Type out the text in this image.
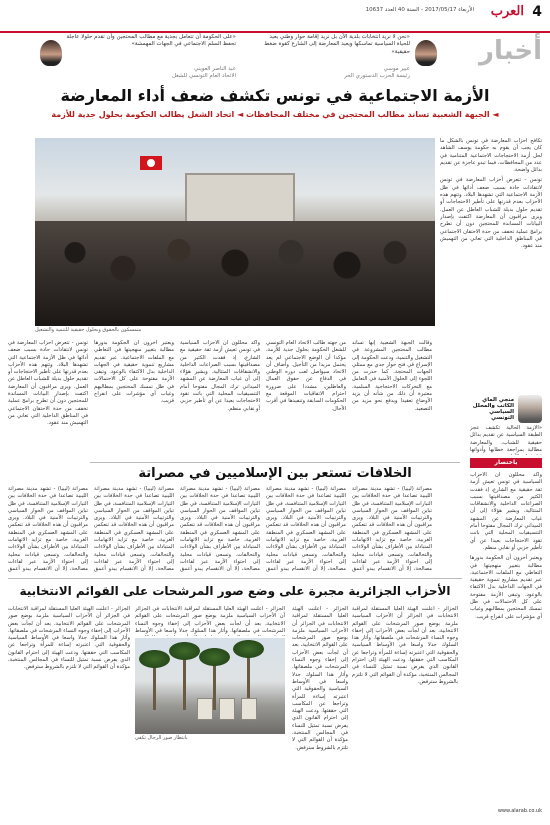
4
العرب
الأربعاء 2017/05/17 - السنة 40 العدد 10637
أخبار
«نحن لا نريد انتخابات بلدية الآن بل نريد إقامة حوار وطني يعيد للحياة السياسية تماسكها ويعيد المعارضة إلى الشارع كقوة ضغط حقيقية»
عبير موسي
رئيسة الحزب الدستوري الحر
«على الحكومة أن تتعامل بجدية مع مطالب المحتجين وأن تقدم حلولا عاجلة تحفظ السلم الاجتماعي في الجهات المهمشة»
عبد الناصر العويني
الاتحاد العام التونسي للشغل
الأزمة الاجتماعية في تونس تكشف ضعف أداء المعارضة
◄ الجبهة الشعبية تساند مطالب المحتجين في مختلف المحافظات ◄ اتحاد الشغل يطالب الحكومة بحلول جدية للأزمة
متمسكون بالحقوق وبحلول حقيقية للتنمية والتشغيل

تكافح أحزاب المعارضة في تونس بالشكل ما كان يجب أن يقوم به حكومة يوسف الشاهد لحل أزمة الاحتجاجات الاجتماعية المتنامية في عدد من المحافظات، فيما تبدو عاجزة عن تقديم بدائل واضحة.

تونس - تتعرض أحزاب المعارضة في تونس لانتقادات حادة بسبب ضعف أدائها في ظل الأزمة الاجتماعية التي تشهدها البلاد. وتتهم هذه الأحزاب بعدم قدرتها على تأطير الاحتجاجات أو تقديم حلول بديلة للشباب العاطل عن العمل. ويرى مراقبون أن المعارضة اكتفت بإصدار البيانات المساندة للمحتجين دون أن تطرح برامج عملية تخفف من حدة الاحتقان الاجتماعي في المناطق الداخلية التي تعاني من التهميش منذ عقود.

منجي الماي الكاتب والمحلل السياسي التونسي

«الأزمة الحالية تكشف عجز الطبقة السياسية عن تقديم بدائل حقيقية للشباب، والمعارضة مطالبة بمراجعة خطابها وأدواتها

باختصار

وأكد محللون أن الأحزاب السياسية في تونس تعيش أزمة ثقة حقيقية مع الشارع، إذ فقدت الكثير من مصداقيتها بسبب الصراعات الداخلية والانشقاقات المتتالية. ويشير هؤلاء إلى أن غياب المعارضة عن المشهد الميداني ترك المجال مفتوحا أمام التنسيقيات المحلية التي باتت تقود الاحتجاجات بعيدا عن أي تأطير حزبي أو نقابي منظم.

ويعتبر آخرون أن الحكومة بدورها مطالبة بتغيير منهجيتها في التعاطي مع الملفات الاجتماعية، عبر تقديم مشاريع تنموية حقيقية في الجهات الداخلية بدل الاكتفاء بالوعود. وتبقى الأزمة مفتوحة على كل الاحتمالات في ظل تمسك المحتجين بمطالبهم وغياب أي مؤشرات على انفراج قريب.

وقالت الجبهة الشعبية إنها تساند مطالب المحتجين المشروعة في التشغيل والتنمية، ودعت الحكومة إلى الإسراع في فتح حوار جدي مع ممثلي الجهات المحتجة. كما حذرت من اللجوء إلى الحلول الأمنية في التعامل مع التحركات الاحتجاجية السلمية، معتبرة أن ذلك من شأنه أن يزيد الأوضاع تعقيدا ويدفع نحو مزيد من التصعيد.

من جهته طالب الاتحاد العام التونسي للشغل الحكومة بحلول جدية للأزمة، مؤكدا أن الوضع الاجتماعي لم يعد يحتمل مزيدا من التأجيل. وأضاف أن الاتحاد سيواصل لعب دوره الوطني في الدفاع عن حقوق العمال والعاطلين، مشددا على ضرورة احترام الاتفاقيات الموقعة مع الحكومات السابقة وتنفيذها في أقرب الآجال.

وأكد محللون أن الأحزاب السياسية في تونس تعيش أزمة ثقة حقيقية مع الشارع، إذ فقدت الكثير من مصداقيتها بسبب الصراعات الداخلية والانشقاقات المتتالية. ويشير هؤلاء إلى أن غياب المعارضة عن المشهد الميداني ترك المجال مفتوحا أمام التنسيقيات المحلية التي باتت تقود الاحتجاجات بعيدا عن أي تأطير حزبي أو نقابي منظم.

ويعتبر آخرون أن الحكومة بدورها مطالبة بتغيير منهجيتها في التعاطي مع الملفات الاجتماعية، عبر تقديم مشاريع تنموية حقيقية في الجهات الداخلية بدل الاكتفاء بالوعود. وتبقى الأزمة مفتوحة على كل الاحتمالات في ظل تمسك المحتجين بمطالبهم وغياب أي مؤشرات على انفراج قريب.

تونس - تتعرض أحزاب المعارضة في تونس لانتقادات حادة بسبب ضعف أدائها في ظل الأزمة الاجتماعية التي تشهدها البلاد. وتتهم هذه الأحزاب بعدم قدرتها على تأطير الاحتجاجات أو تقديم حلول بديلة للشباب العاطل عن العمل. ويرى مراقبون أن المعارضة اكتفت بإصدار البيانات المساندة للمحتجين دون أن تطرح برامج عملية تخفف من حدة الاحتقان الاجتماعي في المناطق الداخلية التي تعاني من التهميش منذ عقود.

الخلافات تستعر بين الإسلاميين في مصراتة

مصراتة (ليبيا) - تشهد مدينة مصراتة الليبية تصاعدا في حدة الخلافات بين التيارات الإسلامية المتنافسة، في ظل تباين المواقف من الحوار السياسي والترتيبات الأمنية في البلاد. ويرى مراقبون أن هذه الخلافات قد تنعكس على المشهد العسكري في المنطقة الغربية، خاصة مع تزايد الاتهامات المتبادلة بين الأطراف بشأن الولاءات والتحالفات. وتسعى قيادات محلية إلى احتواء الأزمة عبر لقاءات مصالحة، إلا أن الانقسام يبدو أعمق

مصراتة (ليبيا) - تشهد مدينة مصراتة الليبية تصاعدا في حدة الخلافات بين التيارات الإسلامية المتنافسة، في ظل تباين المواقف من الحوار السياسي والترتيبات الأمنية في البلاد. ويرى مراقبون أن هذه الخلافات قد تنعكس على المشهد العسكري في المنطقة الغربية، خاصة مع تزايد الاتهامات المتبادلة بين الأطراف بشأن الولاءات والتحالفات. وتسعى قيادات محلية إلى احتواء الأزمة عبر لقاءات مصالحة، إلا أن الانقسام يبدو أعمق

مصراتة (ليبيا) - تشهد مدينة مصراتة الليبية تصاعدا في حدة الخلافات بين التيارات الإسلامية المتنافسة، في ظل تباين المواقف من الحوار السياسي والترتيبات الأمنية في البلاد. ويرى مراقبون أن هذه الخلافات قد تنعكس على المشهد العسكري في المنطقة الغربية، خاصة مع تزايد الاتهامات المتبادلة بين الأطراف بشأن الولاءات والتحالفات. وتسعى قيادات محلية إلى احتواء الأزمة عبر لقاءات مصالحة، إلا أن الانقسام يبدو أعمق

مصراتة (ليبيا) - تشهد مدينة مصراتة الليبية تصاعدا في حدة الخلافات بين التيارات الإسلامية المتنافسة، في ظل تباين المواقف من الحوار السياسي والترتيبات الأمنية في البلاد. ويرى مراقبون أن هذه الخلافات قد تنعكس على المشهد العسكري في المنطقة الغربية، خاصة مع تزايد الاتهامات المتبادلة بين الأطراف بشأن الولاءات والتحالفات. وتسعى قيادات محلية إلى احتواء الأزمة عبر لقاءات مصالحة، إلا أن الانقسام يبدو أعمق

مصراتة (ليبيا) - تشهد مدينة مصراتة الليبية تصاعدا في حدة الخلافات بين التيارات الإسلامية المتنافسة، في ظل تباين المواقف من الحوار السياسي والترتيبات الأمنية في البلاد. ويرى مراقبون أن هذه الخلافات قد تنعكس على المشهد العسكري في المنطقة الغربية، خاصة مع تزايد الاتهامات المتبادلة بين الأطراف بشأن الولاءات والتحالفات. وتسعى قيادات محلية إلى احتواء الأزمة عبر لقاءات مصالحة، إلا أن الانقسام يبدو أعمق

الأحزاب الجزائرية مجبرة على وضع صور المرشحات على القوائم الانتخابية

الجزائر - أعلنت الهيئة العليا المستقلة لمراقبة الانتخابات في الجزائر أن الأحزاب السياسية ملزمة بوضع صور المرشحات على القوائم الانتخابية، بعد أن لجأت بعض الأحزاب إلى إخفاء وجوه النساء المرشحات في ملصقاتها. وأثار هذا السلوك جدلا واسعا في الأوساط السياسية والحقوقية التي اعتبرته إساءة للمرأة وتراجعا عن المكاسب التي حققتها. ودعت الهيئة إلى احترام القانون الذي يفرض نسبة تمثيل للنساء في المجالس المنتخبة، مؤكدة أن القوائم التي لا تلتزم بالشروط سترفض.

الجزائر - أعلنت الهيئة العليا المستقلة لمراقبة الانتخابات في الجزائر أن الأحزاب السياسية ملزمة بوضع صور المرشحات على القوائم الانتخابية، بعد أن لجأت بعض الأحزاب إلى إخفاء وجوه النساء المرشحات في ملصقاتها. وأثار هذا السلوك جدلا واسعا في الأوساط السياسية والحقوقية التي اعتبرته إساءة للمرأة وتراجعا عن المكاسب التي حققتها. ودعت الهيئة إلى احترام القانون الذي يفرض نسبة تمثيل للنساء في المجالس المنتخبة، مؤكدة أن القوائم التي لا تلتزم بالشروط سترفض.

الجزائر - أعلنت الهيئة العليا المستقلة لمراقبة الانتخابات في الجزائر أن الأحزاب السياسية ملزمة بوضع صور المرشحات على القوائم الانتخابية، بعد أن لجأت بعض الأحزاب إلى إخفاء وجوه النساء المرشحات في ملصقاتها. وأثار هذا السلوك جدلا واسعا في الأوساط

بانتظار صور الرجال تكفي

الجزائر - أعلنت الهيئة العليا المستقلة لمراقبة الانتخابات في الجزائر أن الأحزاب السياسية ملزمة بوضع صور المرشحات على القوائم الانتخابية، بعد أن لجأت بعض الأحزاب إلى إخفاء وجوه النساء المرشحات في ملصقاتها. وأثار هذا السلوك جدلا واسعا في الأوساط السياسية والحقوقية التي اعتبرته إساءة للمرأة وتراجعا عن المكاسب التي حققتها. ودعت الهيئة إلى احترام القانون الذي يفرض نسبة تمثيل للنساء في المجالس المنتخبة، مؤكدة أن القوائم التي لا تلتزم بالشروط سترفض.

www.alarab.co.uk
